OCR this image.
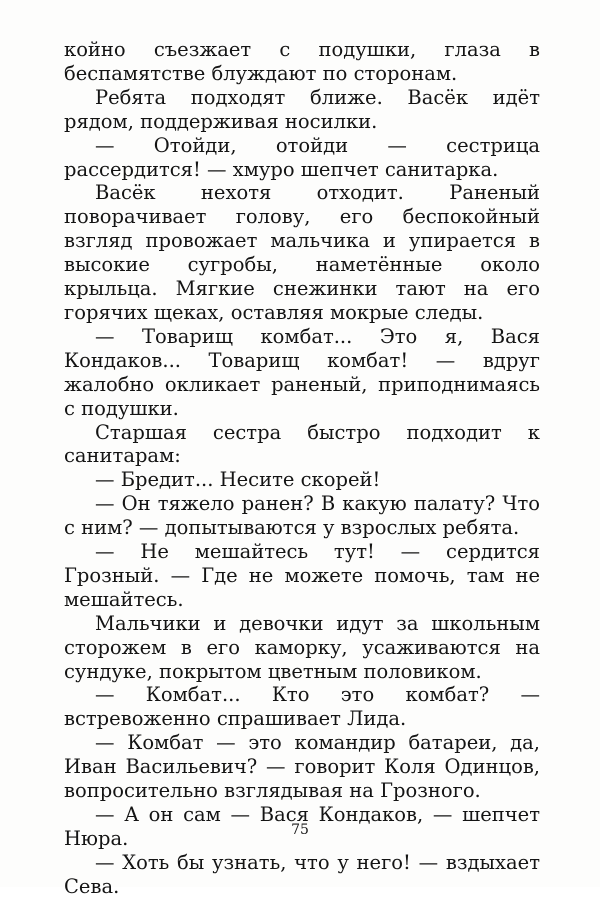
койно съезжает с подушки, глаза в беспамятстве блуждают по сторонам.

Ребята подходят ближе. Васёк идёт рядом, поддерживая носилки.

— Отойди, отойди — сестрица рассердится! — хмуро шепчет санитарка.

Васёк нехотя отходит. Раненый поворачивает голову, его беспокойный взгляд провожает мальчика и упирается в высокие сугробы, наметённые около крыльца. Мягкие снежинки тают на его горячих щеках, оставляя мокрые следы.

— Товарищ комбат... Это я, Вася Кондаков... Товарищ комбат! — вдруг жалобно окликает раненый, приподнимаясь с подушки.

Старшая сестра быстро подходит к санитарам:

— Бредит... Несите скорей!

— Он тяжело ранен? В какую палату? Что с ним? — допытываются у взрослых ребята.

— Не мешайтесь тут! — сердится Грозный. — Где не можете помочь, там не мешайтесь.

Мальчики и девочки идут за школьным сторожем в его каморку, усаживаются на сундуке, покрытом цветным половиком.

— Комбат... Кто это комбат? — встревоженно спрашивает Лида.

— Комбат — это командир батареи, да, Иван Васильевич? — говорит Коля Одинцов, вопросительно взглядывая на Грозного.

— А он сам — Вася Кондаков, — шепчет Нюра.

— Хоть бы узнать, что у него! — вздыхает Сева.

75
